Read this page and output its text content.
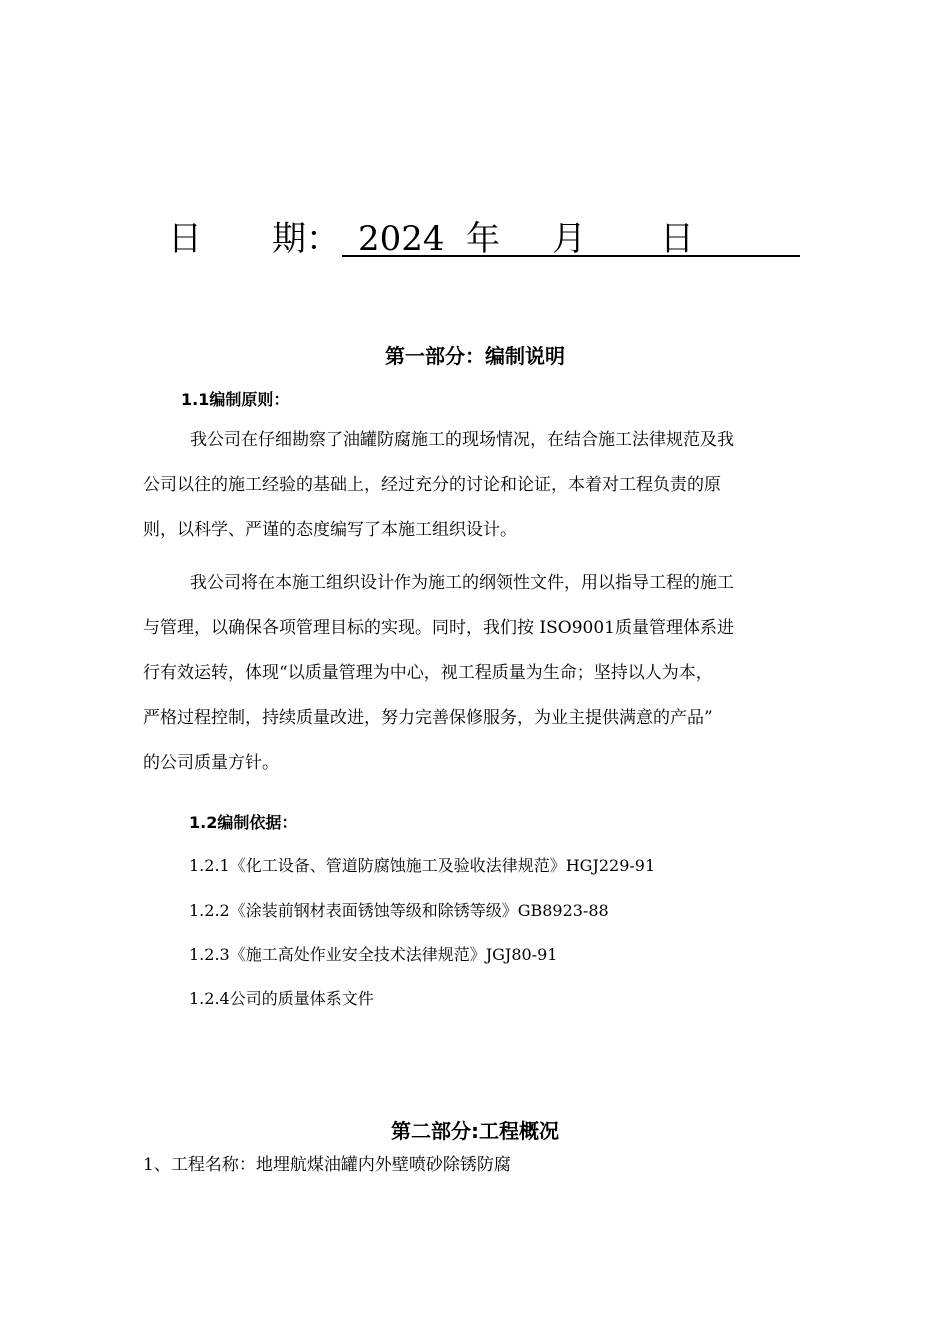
日 期： 2024 年 月 日
第一部分：编制说明
1.1编制原则：
我公司在仔细勘察了油罐防腐施工的现场情况，在结合施工法律规范及我
公司以往的施工经验的基础上，经过充分的讨论和论证，本着对工程负责的原
则，以科学、严谨的态度编写了本施工组织设计。
我公司将在本施工组织设计作为施工的纲领性文件，用以指导工程的施工
与管理，以确保各项管理目标的实现。同时，我们按 ISO9001质量管理体系进
行有效运转，体现“以质量管理为中心，视工程质量为生命；坚持以人为本，
严格过程控制，持续质量改进，努力完善保修服务，为业主提供满意的产品”
的公司质量方针。
1.2编制依据：
1.2.1《化工设备、管道防腐蚀施工及验收法律规范》HGJ229-91
1.2.2《涂装前钢材表面锈蚀等级和除锈等级》GB8923-88
1.2.3《施工高处作业安全技术法律规范》JGJ80-91
1.2.4公司的质量体系文件
第二部分:工程概况
1、工程名称：地埋航煤油罐内外壁喷砂除锈防腐
